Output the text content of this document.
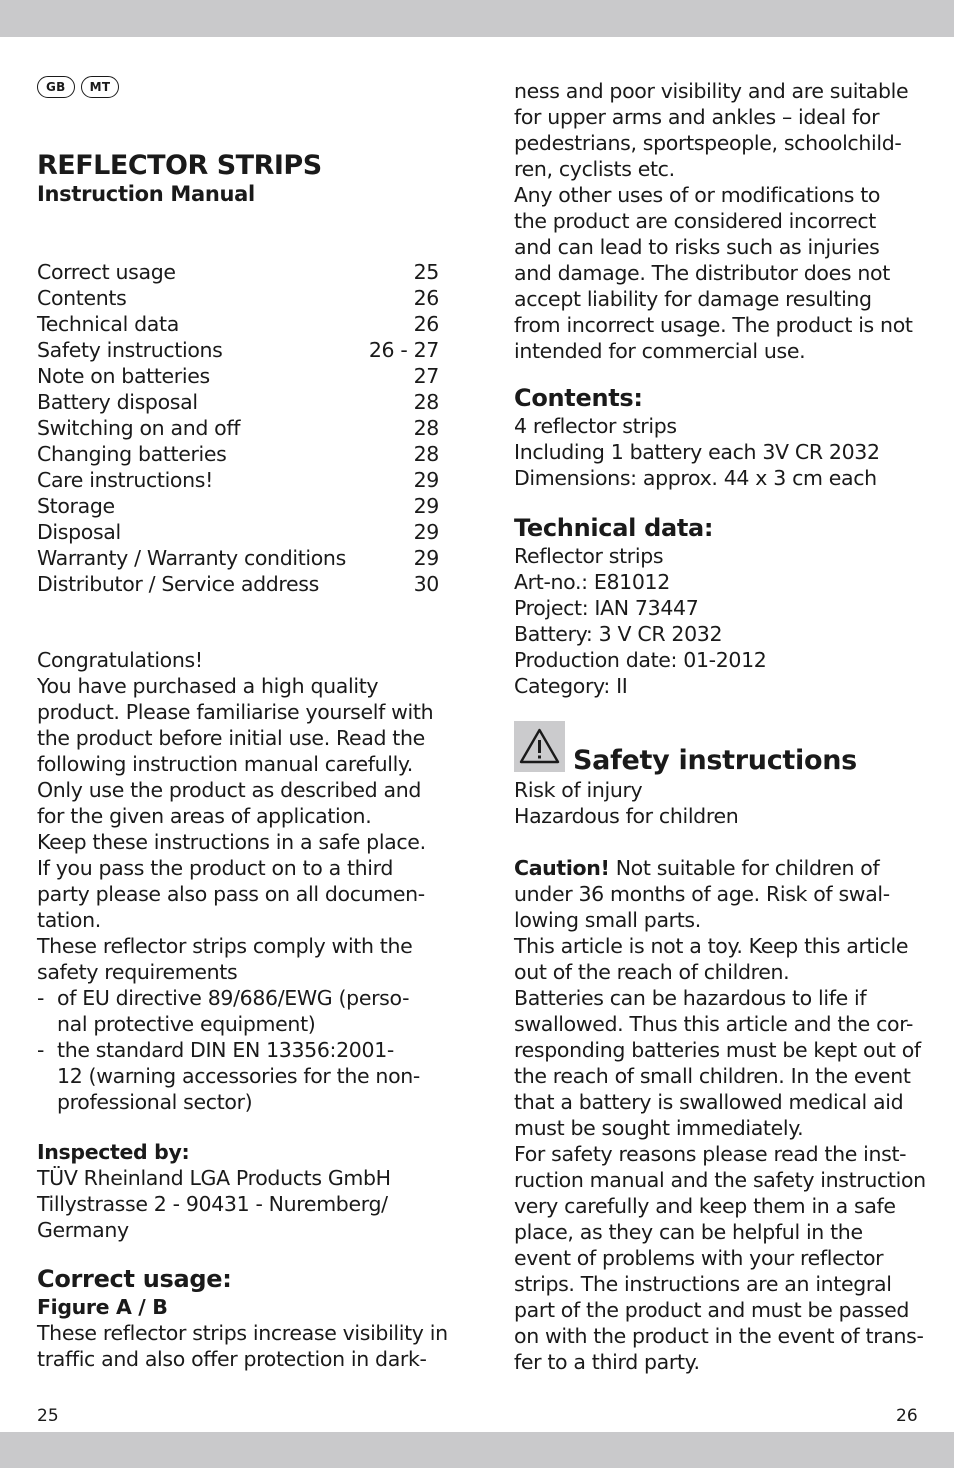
GB	MT
REFLECTOR STRIPS
Instruction Manual
Correct usage	25
Contents	26
Technical data	26
Safety instructions	26 - 27
Note on batteries	27
Battery disposal	28
Switching on and off	28
Changing batteries	28
Care instructions!	29
Storage	29
Disposal	29
Warranty / Warranty conditions	29
Distributor / Service address	30
Congratulations!
You have purchased a high quality
product. Please familiarise yourself with
the product before initial use. Read the
following instruction manual carefully.
Only use the product as described and
for the given areas of application.
Keep these instructions in a safe place.
If you pass the product on to a third
party please also pass on all documen-
tation.
These reflector strips comply with the
safety requirements
- of EU directive 89/686/EWG (perso-
nal protective equipment)
- the standard DIN EN 13356:2001-
12 (warning accessories for the non-
professional sector)
Inspected by:
TÜV Rheinland LGA Products GmbH
Tillystrasse 2 - 90431 - Nuremberg/
Germany
Correct usage:
Figure A / B
These reflector strips increase visibility in
traffic and also offer protection in dark-
ness and poor visibility and are suitable
for upper arms and ankles – ideal for
pedestrians, sportspeople, schoolchild-
ren, cyclists etc.
Any other uses of or modifications to
the product are considered incorrect
and can lead to risks such as injuries
and damage. The distributor does not
accept liability for damage resulting
from incorrect usage. The product is not
intended for commercial use.
Contents:
4 reflector strips
Including 1 battery each 3V CR 2032
Dimensions: approx. 44 x 3 cm each
Technical data:
Reflector strips
Art-no.: E81012
Project: IAN 73447
Battery: 3 V CR 2032
Production date: 01-2012
Category: II
Safety instructions
Risk of injury
Hazardous for children

Caution! Not suitable for children of
under 36 months of age. Risk of swal-
lowing small parts.
This article is not a toy. Keep this article
out of the reach of children.
Batteries can be hazardous to life if
swallowed. Thus this article and the cor-
responding batteries must be kept out of
the reach of small children. In the event
that a battery is swallowed medical aid
must be sought immediately.
For safety reasons please read the inst-
ruction manual and the safety instruction
very carefully and keep them in a safe
place, as they can be helpful in the
event of problems with your reflector
strips. The instructions are an integral
part of the product and must be passed
on with the product in the event of trans-
fer to a third party.
25	26
